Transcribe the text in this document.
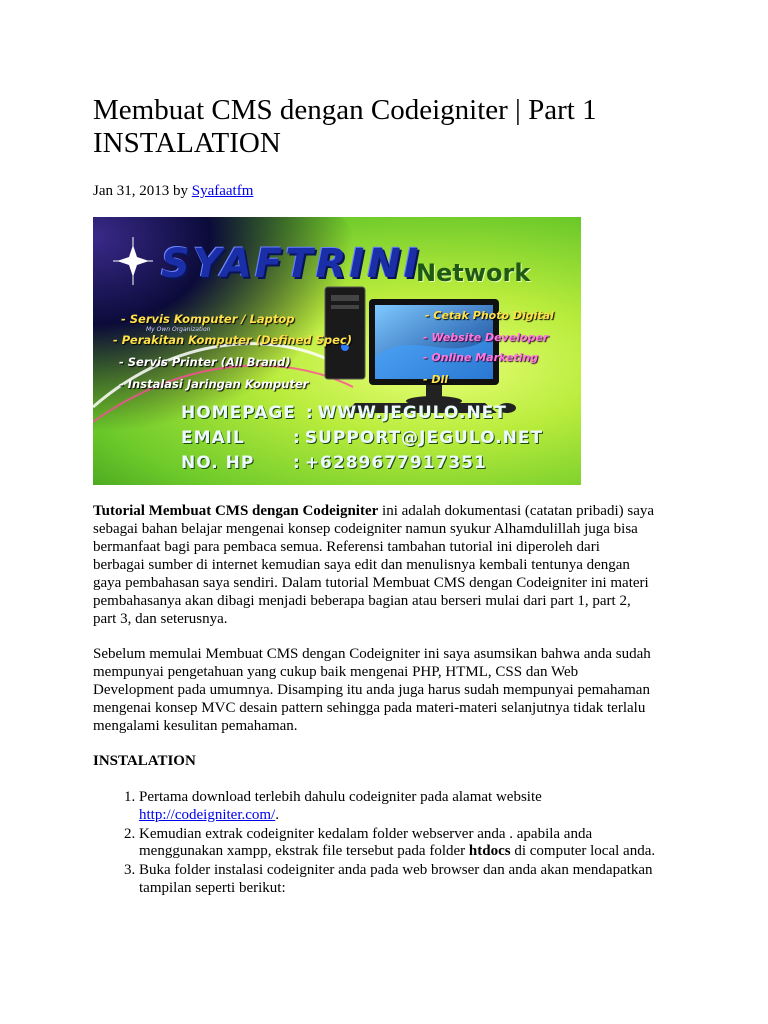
Membuat CMS dengan Codeigniter | Part 1
INSTALATION
Jan 31, 2013 by Syafaatfm
SYAFTRINI
Network
My Own Organization
- Servis Komputer / Laptop
- Perakitan Komputer (Defined Spec)
- Servis Printer (All Brand)
- Instalasi Jaringan Komputer
- Cetak Photo Digital
- Website Developer
- Online Marketing
- Dll
HOMEPAGE : WWW.JEGULO.NET
EMAIL	: SUPPORT@JEGULO.NET
NO. HP : +6289677917351

Tutorial Membuat CMS dengan Codeigniter ini adalah dokumentasi (catatan pribadi) saya
sebagai bahan belajar mengenai konsep codeigniter namun syukur Alhamdulillah juga bisa
bermanfaat bagi para pembaca semua. Referensi tambahan tutorial ini diperoleh dari
berbagai sumber di internet kemudian saya edit dan menulisnya kembali tentunya dengan
gaya pembahasan saya sendiri. Dalam tutorial Membuat CMS dengan Codeigniter ini materi
pembahasanya akan dibagi menjadi beberapa bagian atau berseri mulai dari part 1, part 2,
part 3, dan seterusnya.

Sebelum memulai Membuat CMS dengan Codeigniter ini saya asumsikan bahwa anda sudah
mempunyai pengetahuan yang cukup baik mengenai PHP, HTML, CSS dan Web
Development pada umumnya. Disamping itu anda juga harus sudah mempunyai pemahaman
mengenai konsep MVC desain pattern sehingga pada materi-materi selanjutnya tidak terlalu
mengalami kesulitan pemahaman.

INSTALATION

1. Pertama download terlebih dahulu codeigniter pada alamat website
http://codeigniter.com/.
2. Kemudian extrak codeigniter kedalam folder webserver anda . apabila anda
menggunakan xampp, ekstrak file tersebut pada folder htdocs di computer local anda.
3. Buka folder instalasi codeigniter anda pada web browser dan anda akan mendapatkan
tampilan seperti berikut:
